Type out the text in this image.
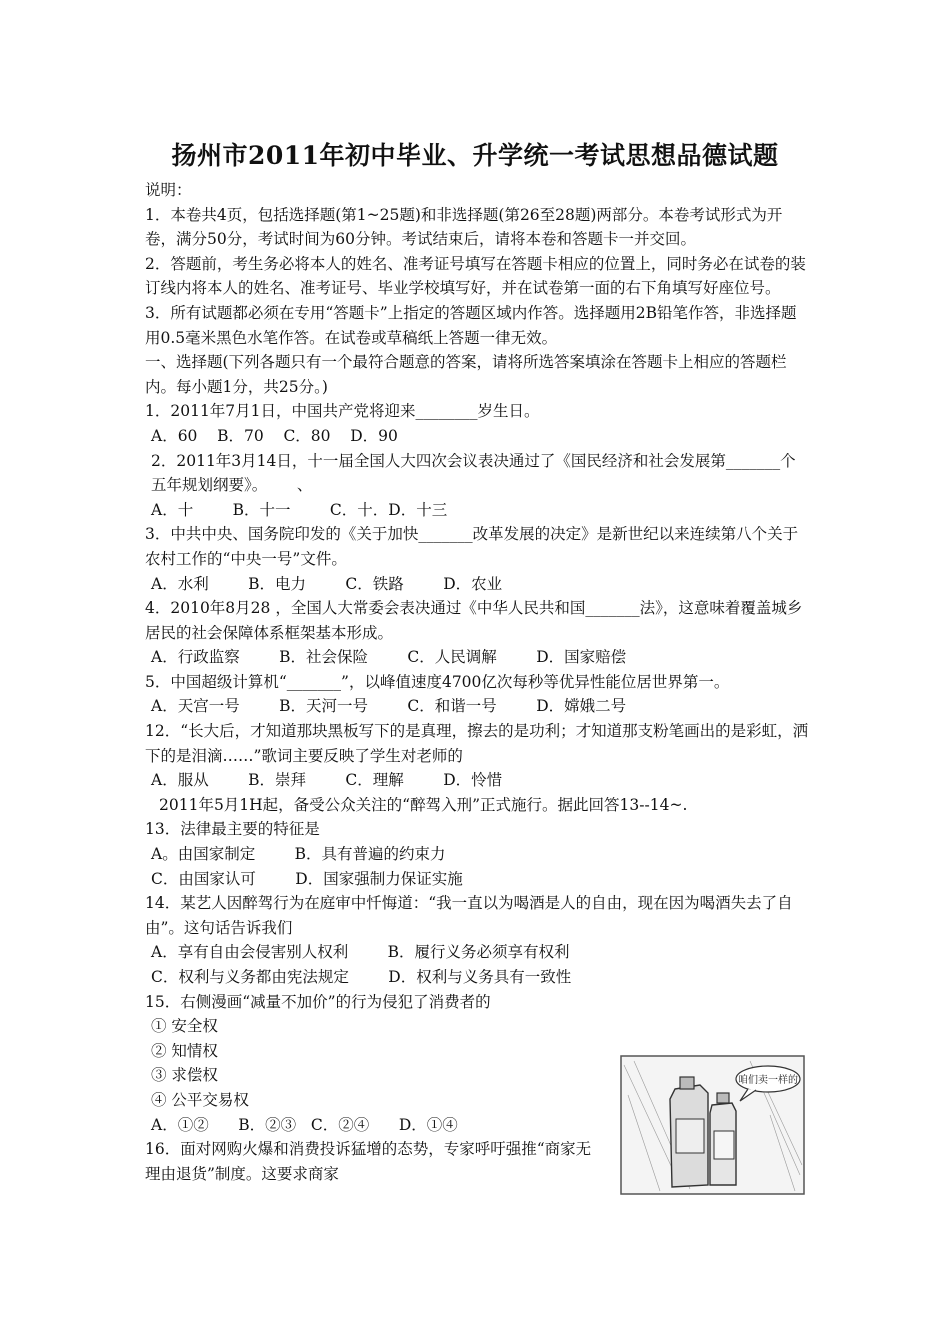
扬州市2011年初中毕业、升学统一考试思想品德试题

说明：

1．本卷共4页，包括选择题(第1~25题)和非选择题(第26至28题)两部分。本卷考试形式为开卷，满分50分，考试时间为60分钟。考试结束后，请将本卷和答题卡一并交回。

2．答题前，考生务必将本人的姓名、准考证号填写在答题卡相应的位置上，同时务必在试卷的装订线内将本人的姓名、准考证号、毕业学校填写好，并在试卷第一面的右下角填写好座位号。

3．所有试题都必须在专用“答题卡”上指定的答题区域内作答。选择题用2B铅笔作答，非选择题用0.5毫米黑色水笔作答。在试卷或草稿纸上答题一律无效。

一、选择题(下列各题只有一个最符合题意的答案，请将所选答案填涂在答题卡上相应的答题栏内。每小题1分，共25分。)

1．2011年7月1日，中国共产党将迎来________岁生日。

A．60    B．70    C．80    D．90

2．2011年3月14日，十一届全国人大四次会议表决通过了《国民经济和社会发展第_______个五年规划纲要》。      、

A．十        B．十一        C．十．D．十三

3．中共中央、国务院印发的《关于加快_______改革发展的决定》是新世纪以来连续第八个关于农村工作的“中央一号”文件。

A．水利        B．电力        C．铁路        D．农业

4．2010年8月28 ，全国人大常委会表决通过《中华人民共和国_______法》，这意味着覆盖城乡居民的社会保障体系框架基本形成。

A．行政监察        B．社会保险        C．人民调解        D．国家赔偿

5．中国超级计算机“_______”，以峰值速度4700亿次每秒等优异性能位居世界第一。

A．天宫一号        B．天河一号        C．和谐一号        D．嫦娥二号

12．“长大后，才知道那块黑板写下的是真理，擦去的是功利；才知道那支粉笔画出的是彩虹，洒下的是泪滴……”歌词主要反映了学生对老师的

A．服从        B．崇拜        C．理解        D．怜惜

2011年5月1H起，备受公众关注的“醉驾入刑”正式施行。据此回答13--14~.

13．法律最主要的特征是

A。由国家制定        B．具有普遍的约束力

C．由国家认可        D．国家强制力保证实施

14．某艺人因醉驾行为在庭审中忏悔道：“我一直以为喝酒是人的自由，现在因为喝酒失去了自由”。这句话告诉我们

A．享有自由会侵害别人权利        B．履行义务必须享有权利

C．权利与义务都由宪法规定        D．权利与义务具有一致性

15．右侧漫画“减量不加价”的行为侵犯了消费者的

① 安全权

② 知情权

③ 求偿权

④ 公平交易权

A．①②      B．②③   C．②④      D．①④

16．面对网购火爆和消费投诉猛增的态势，专家呼吁强推“商家无理由退货”制度。这要求商家

咱们卖一样的
